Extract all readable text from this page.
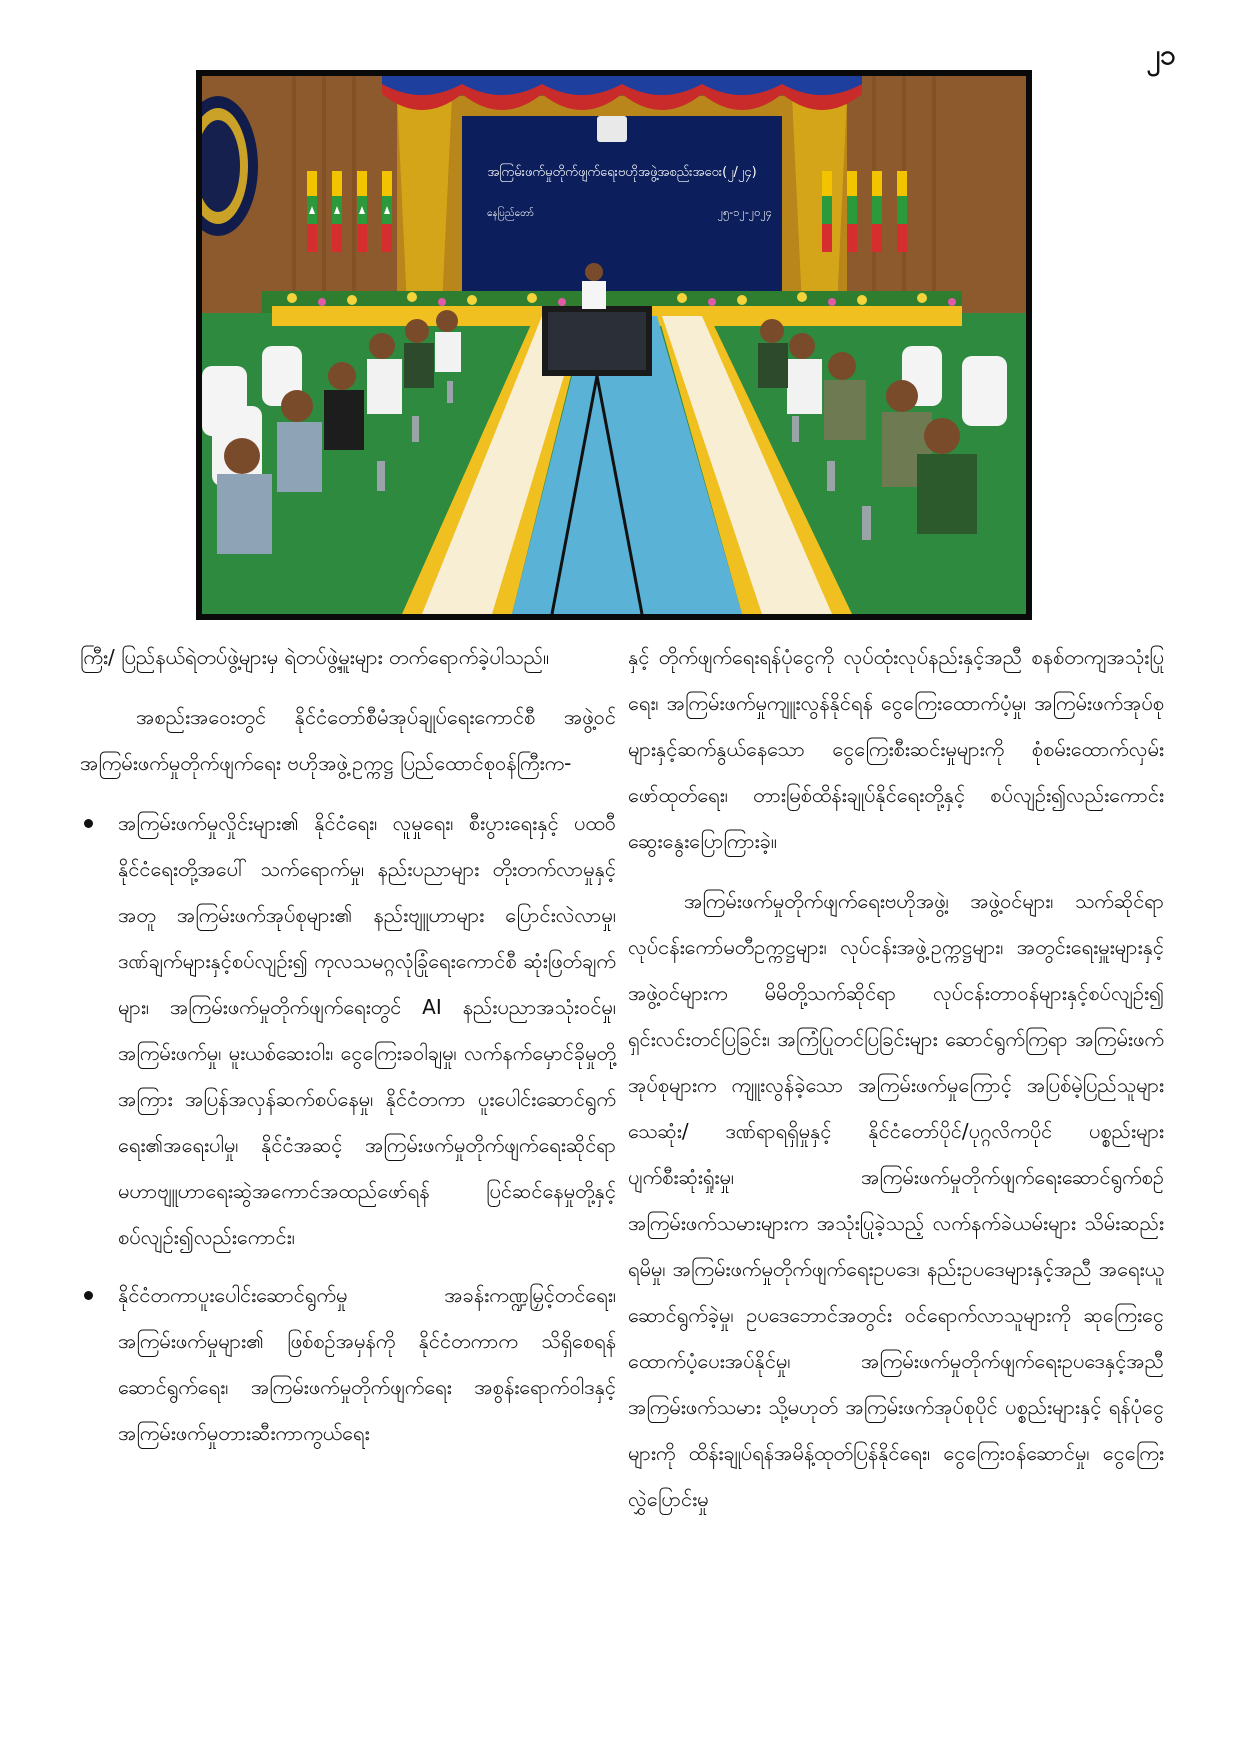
၂၁
အကြမ်းဖက်မှုတိုက်ဖျက်ရေးဗဟိုအဖွဲ့အစည်းအဝေး(၂/၂၄)
နေပြည်တော်	၂၅-၁၂-၂၀၂၄

ကြီး/ ပြည်နယ်ရဲတပ်ဖွဲ့များမှ ရဲတပ်ဖွဲ့မှူးများ တက်ရောက်ခဲ့ပါသည်။

အစည်းအဝေးတွင် နိုင်ငံတော်စီမံအုပ်ချုပ်ရေးကောင်စီ အဖွဲ့ဝင် အကြမ်းဖက်မှုတိုက်ဖျက်ရေး ဗဟိုအဖွဲ့ဥက္ကဋ္ဌ ပြည်ထောင်စုဝန်ကြီးက-

အကြမ်းဖက်မှုလှိုင်းများ၏ နိုင်ငံရေး၊ လူမှုရေး၊ စီးပွားရေးနှင့် ပထဝီနိုင်ငံရေးတို့အပေါ် သက်ရောက်မှု၊ နည်းပညာများ တိုးတက်လာမှုနှင့်အတူ အကြမ်းဖက်အုပ်စုများ၏ နည်းဗျူဟာများ ပြောင်းလဲလာမှု၊ ဒဏ်ချက်များနှင့်စပ်လျဉ်း၍ ကုလသမဂ္ဂလုံခြုံရေးကောင်စီ ဆုံးဖြတ်ချက်များ၊ အကြမ်းဖက်မှုတိုက်ဖျက်ရေးတွင် AI နည်းပညာအသုံးဝင်မှု၊ အကြမ်းဖက်မှု၊ မူးယစ်ဆေးဝါး၊ ငွေကြေးခဝါချမှု၊ လက်နက်မှောင်ခိုမှုတို့အကြား အပြန်အလှန်ဆက်စပ်နေမှု၊ နိုင်ငံတကာ ပူးပေါင်းဆောင်ရွက်ရေး၏အရေးပါမှု၊ နိုင်ငံအဆင့် အကြမ်းဖက်မှုတိုက်ဖျက်ရေးဆိုင်ရာ မဟာဗျူဟာရေးဆွဲအကောင်အထည်ဖော်ရန် ပြင်ဆင်နေမှုတို့နှင့်စပ်လျဉ်း၍လည်းကောင်း၊
နိုင်ငံတကာပူးပေါင်းဆောင်ရွက်မှု အခန်းကဏ္ဍမြှင့်တင်ရေး၊ အကြမ်းဖက်မှုများ၏ ဖြစ်စဉ်အမှန်ကို နိုင်ငံတကာက သိရှိစေရန်ဆောင်ရွက်ရေး၊ အကြမ်းဖက်မှုတိုက်ဖျက်ရေး အစွန်းရောက်ဝါဒနှင့် အကြမ်းဖက်မှုတားဆီးကာကွယ်ရေး

နှင့် တိုက်ဖျက်ရေးရန်ပုံငွေကို လုပ်ထုံးလုပ်နည်းနှင့်အညီ စနစ်တကျအသုံးပြုရေး၊ အကြမ်းဖက်မှုကျူးလွန်နိုင်ရန် ငွေကြေးထောက်ပံ့မှု၊ အကြမ်းဖက်အုပ်စုများနှင့်ဆက်နွယ်နေသော ငွေကြေးစီးဆင်းမှုများကို စုံစမ်းထောက်လှမ်းဖော်ထုတ်ရေး၊ တားမြစ်ထိန်းချုပ်နိုင်ရေးတို့နှင့် စပ်လျဉ်း၍လည်းကောင်း ဆွေးနွေးပြောကြားခဲ့။

အကြမ်းဖက်မှုတိုက်ဖျက်ရေးဗဟိုအဖွဲ့၊ အဖွဲ့ဝင်များ၊ သက်ဆိုင်ရာလုပ်ငန်းကော်မတီဥက္ကဋ္ဌများ၊ လုပ်ငန်းအဖွဲ့ဥက္ကဋ္ဌများ၊ အတွင်းရေးမှူးများနှင့် အဖွဲ့ဝင်များက မိမိတို့သက်ဆိုင်ရာ လုပ်ငန်းတာဝန်များနှင့်စပ်လျဉ်း၍ ရှင်းလင်းတင်ပြခြင်း၊ အကြံပြုတင်ပြခြင်းများ ဆောင်ရွက်ကြရာ အကြမ်းဖက်အုပ်စုများက ကျူးလွန်ခဲ့သော အကြမ်းဖက်မှုကြောင့် အပြစ်မဲ့ပြည်သူများ သေဆုံး/ ဒဏ်ရာရရှိမှုနှင့် နိုင်ငံတော်ပိုင်/ပုဂ္ဂလိကပိုင် ပစ္စည်းများ ပျက်စီးဆုံးရှုံးမှု၊ အကြမ်းဖက်မှုတိုက်ဖျက်ရေးဆောင်ရွက်စဉ် အကြမ်းဖက်သမားများက အသုံးပြုခဲ့သည့် လက်နက်ခဲယမ်းများ သိမ်းဆည်းရမိမှု၊ အကြမ်းဖက်မှုတိုက်ဖျက်ရေးဥပဒေ၊ နည်းဥပဒေများနှင့်အညီ အရေးယူဆောင်ရွက်ခဲ့မှု၊ ဥပဒေဘောင်အတွင်း ဝင်ရောက်လာသူများကို ဆုကြေးငွေ ထောက်ပံ့ပေးအပ်နိုင်မှု၊ အကြမ်းဖက်မှုတိုက်ဖျက်ရေးဥပဒေနှင့်အညီ အကြမ်းဖက်သမား သို့မဟုတ် အကြမ်းဖက်အုပ်စုပိုင် ပစ္စည်းများနှင့် ရန်ပုံငွေများကို ထိန်းချုပ်ရန်အမိန့်ထုတ်ပြန်နိုင်ရေး၊ ငွေကြေးဝန်ဆောင်မှု၊ ငွေကြေးလွှဲပြောင်းမှု
